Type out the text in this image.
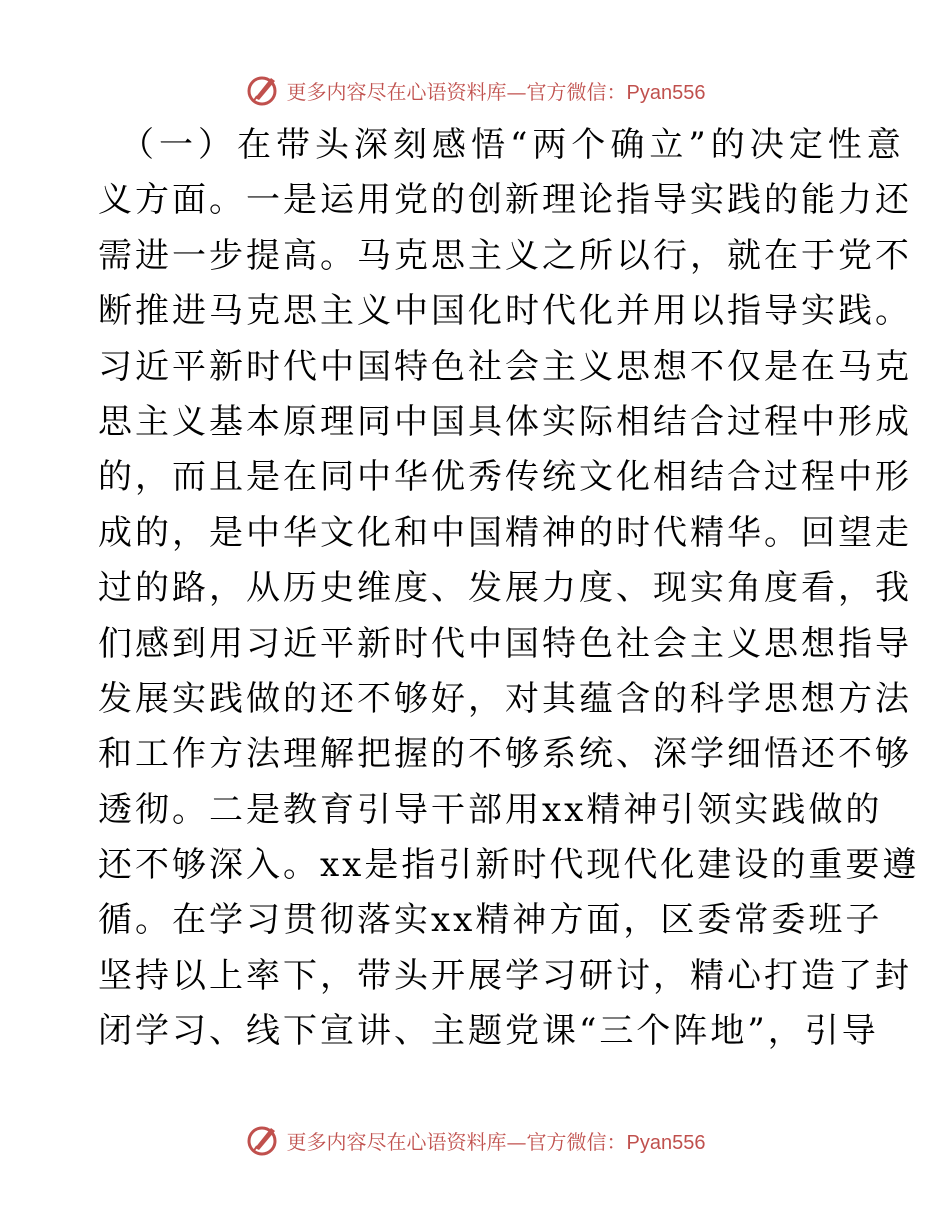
更多内容尽在心语资料库—官方微信：Pyan556
（一）在带头深刻感悟“两个确立”的决定性意
义方面。一是运用党的创新理论指导实践的能力还
需进一步提高。马克思主义之所以行，就在于党不
断推进马克思主义中国化时代化并用以指导实践。
习近平新时代中国特色社会主义思想不仅是在马克
思主义基本原理同中国具体实际相结合过程中形成
的，而且是在同中华优秀传统文化相结合过程中形
成的，是中华文化和中国精神的时代精华。回望走
过的路，从历史维度、发展力度、现实角度看，我
们感到用习近平新时代中国特色社会主义思想指导
发展实践做的还不够好，对其蕴含的科学思想方法
和工作方法理解把握的不够系统、深学细悟还不够
透彻。二是教育引导干部用xx精神引领实践做的
还不够深入。xx是指引新时代现代化建设的重要遵
循。在学习贯彻落实xx精神方面，区委常委班子
坚持以上率下，带头开展学习研讨，精心打造了封
闭学习、线下宣讲、主题党课“三个阵地”，引导
更多内容尽在心语资料库—官方微信：Pyan556
